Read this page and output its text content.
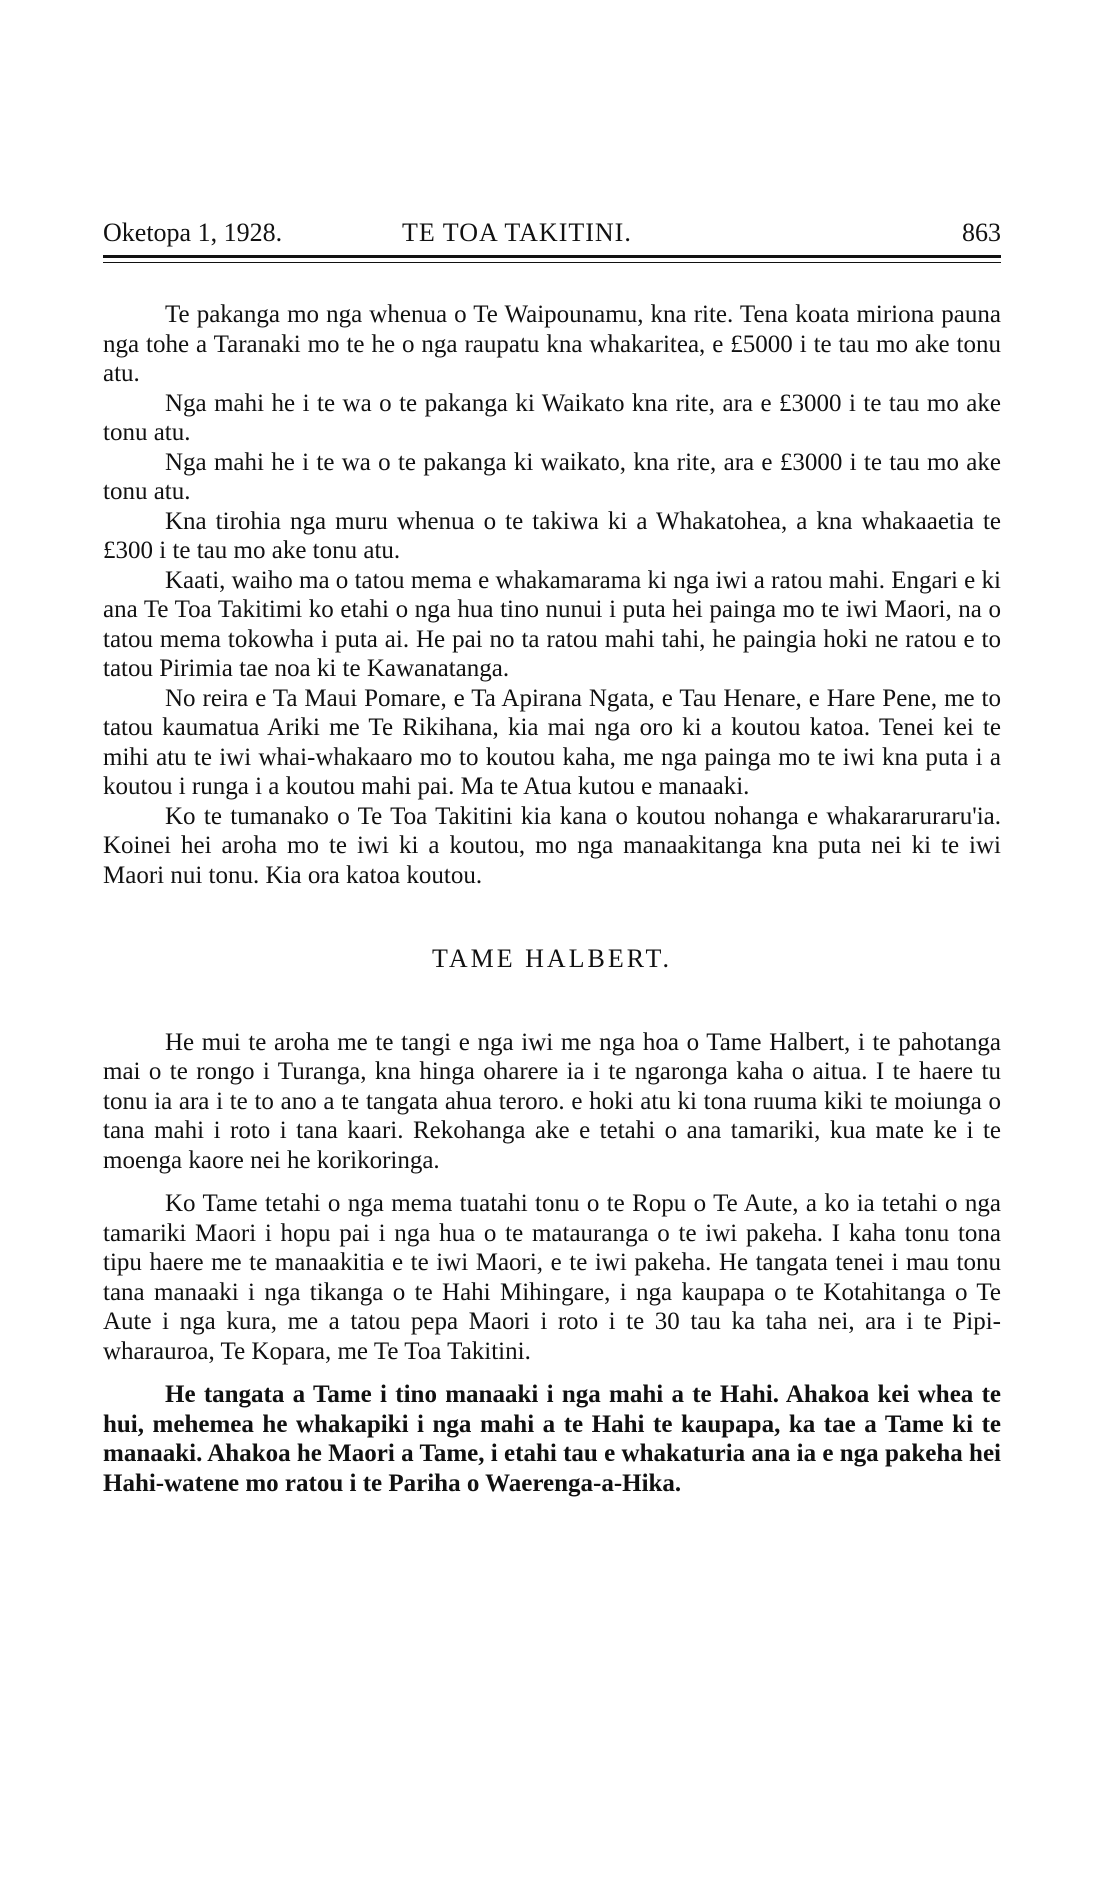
Oketopa 1, 1928.	TE TOA TAKITINI.	863

Te pakanga mo nga whenua o Te Waipounamu, kna rite. Tena koata miriona pauna nga tohe a Taranaki mo te he o nga raupatu kna whakaritea, e £5000 i te tau mo ake tonu atu.

Nga mahi he i te wa o te pakanga ki Waikato kna rite, ara e £3000 i te tau mo ake tonu atu.

Nga mahi he i te wa o te pakanga ki waikato, kna rite, ara e £3000 i te tau mo ake tonu atu.

Kna tirohia nga muru whenua o te takiwa ki a Whakatohea, a kna whakaaetia te £300 i te tau mo ake tonu atu.

Kaati, waiho ma o tatou mema e whakamarama ki nga iwi a ratou mahi. Engari e ki ana Te Toa Takitimi ko etahi o nga hua tino nunui i puta hei painga mo te iwi Maori, na o tatou mema tokowha i puta ai. He pai no ta ratou mahi tahi, he paingia hoki ne ratou e to tatou Pirimia tae noa ki te Kawanatanga.

No reira e Ta Maui Pomare, e Ta Apirana Ngata, e Tau Henare, e Hare Pene, me to tatou kaumatua Ariki me Te Rikihana, kia mai nga oro ki a koutou katoa. Tenei kei te mihi atu te iwi whai-whakaaro mo to koutou kaha, me nga painga mo te iwi kna puta i a koutou i runga i a koutou mahi pai. Ma te Atua kutou e manaaki.

Ko te tumanako o Te Toa Takitini kia kana o koutou nohanga e whakararuraru'ia. Koinei hei aroha mo te iwi ki a koutou, mo nga manaakitanga kna puta nei ki te iwi Maori nui tonu. Kia ora katoa koutou.

TAME HALBERT.

He mui te aroha me te tangi e nga iwi me nga hoa o Tame Halbert, i te pahotanga mai o te rongo i Turanga, kna hinga oharere ia i te ngaronga kaha o aitua. I te haere tu tonu ia ara i te to ano a te tangata ahua teroro. e hoki atu ki tona ruuma kiki te moiunga o tana mahi i roto i tana kaari. Rekohanga ake e tetahi o ana tamariki, kua mate ke i te moenga kaore nei he korikoringa.

Ko Tame tetahi o nga mema tuatahi tonu o te Ropu o Te Aute, a ko ia tetahi o nga tamariki Maori i hopu pai i nga hua o te matauranga o te iwi pakeha. I kaha tonu tona tipu haere me te manaakitia e te iwi Maori, e te iwi pakeha. He tangata tenei i mau tonu tana manaaki i nga tikanga o te Hahi Mihingare, i nga kaupapa o te Kotahitanga o Te Aute i nga kura, me a tatou pepa Maori i roto i te 30 tau ka taha nei, ara i te Pipi-wharauroa, Te Kopara, me Te Toa Takitini.

He tangata a Tame i tino manaaki i nga mahi a te Hahi. Ahakoa kei whea te hui, mehemea he whakapiki i nga mahi a te Hahi te kaupapa, ka tae a Tame ki te manaaki. Ahakoa he Maori a Tame, i etahi tau e whakaturia ana ia e nga pakeha hei Hahi-watene mo ratou i te Pariha o Waerenga-a-Hika.
